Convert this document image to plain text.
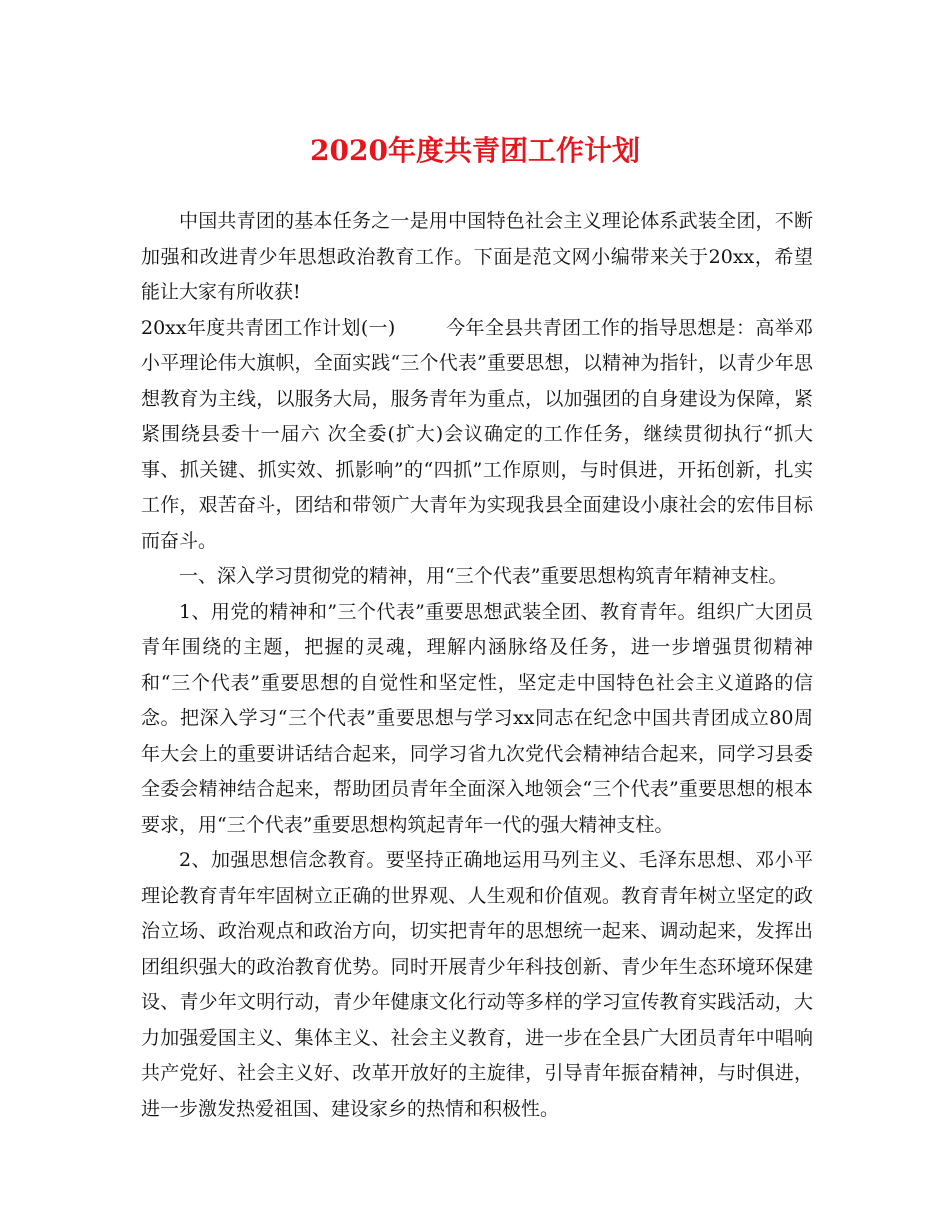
2020年度共青团工作计划

中国共青团的基本任务之一是用中国特色社会主义理论体系武装全团，不断加强和改进青少年思想政治教育工作。下面是范文网小编带来关于20xx，希望能让大家有所收获!

20xx年度共青团工作计划(一)	今年全县共青团工作的指导思想是：高举邓小平理论伟大旗帜，全面实践“三个代表”重要思想，以精神为指针，以青少年思想教育为主线，以服务大局，服务青年为重点，以加强团的自身建设为保障，紧紧围绕县委十一届六 次全委(扩大)会议确定的工作任务，继续贯彻执行“抓大事、抓关键、抓实效、抓影响”的“四抓”工作原则，与时俱进，开拓创新，扎实工作，艰苦奋斗，团结和带领广大青年为实现我县全面建设小康社会的宏伟目标而奋斗。

一、深入学习贯彻党的精神，用“三个代表”重要思想构筑青年精神支柱。

1、用党的精神和”三个代表”重要思想武装全团、教育青年。组织广大团员青年围绕的主题，把握的灵魂，理解内涵脉络及任务，进一步增强贯彻精神和“三个代表”重要思想的自觉性和坚定性，坚定走中国特色社会主义道路的信念。把深入学习“三个代表”重要思想与学习xx同志在纪念中国共青团成立80周年大会上的重要讲话结合起来，同学习省九次党代会精神结合起来，同学习县委全委会精神结合起来，帮助团员青年全面深入地领会“三个代表”重要思想的根本要求，用“三个代表”重要思想构筑起青年一代的强大精神支柱。

2、加强思想信念教育。要坚持正确地运用马列主义、毛泽东思想、邓小平理论教育青年牢固树立正确的世界观、人生观和价值观。教育青年树立坚定的政治立场、政治观点和政治方向，切实把青年的思想统一起来、调动起来，发挥出团组织强大的政治教育优势。同时开展青少年科技创新、青少年生态环境环保建设、青少年文明行动，青少年健康文化行动等多样的学习宣传教育实践活动，大力加强爱国主义、集体主义、社会主义教育，进一步在全县广大团员青年中唱响共产党好、社会主义好、改革开放好的主旋律，引导青年振奋精神，与时俱进，进一步激发热爱祖国、建设家乡的热情和积极性。
